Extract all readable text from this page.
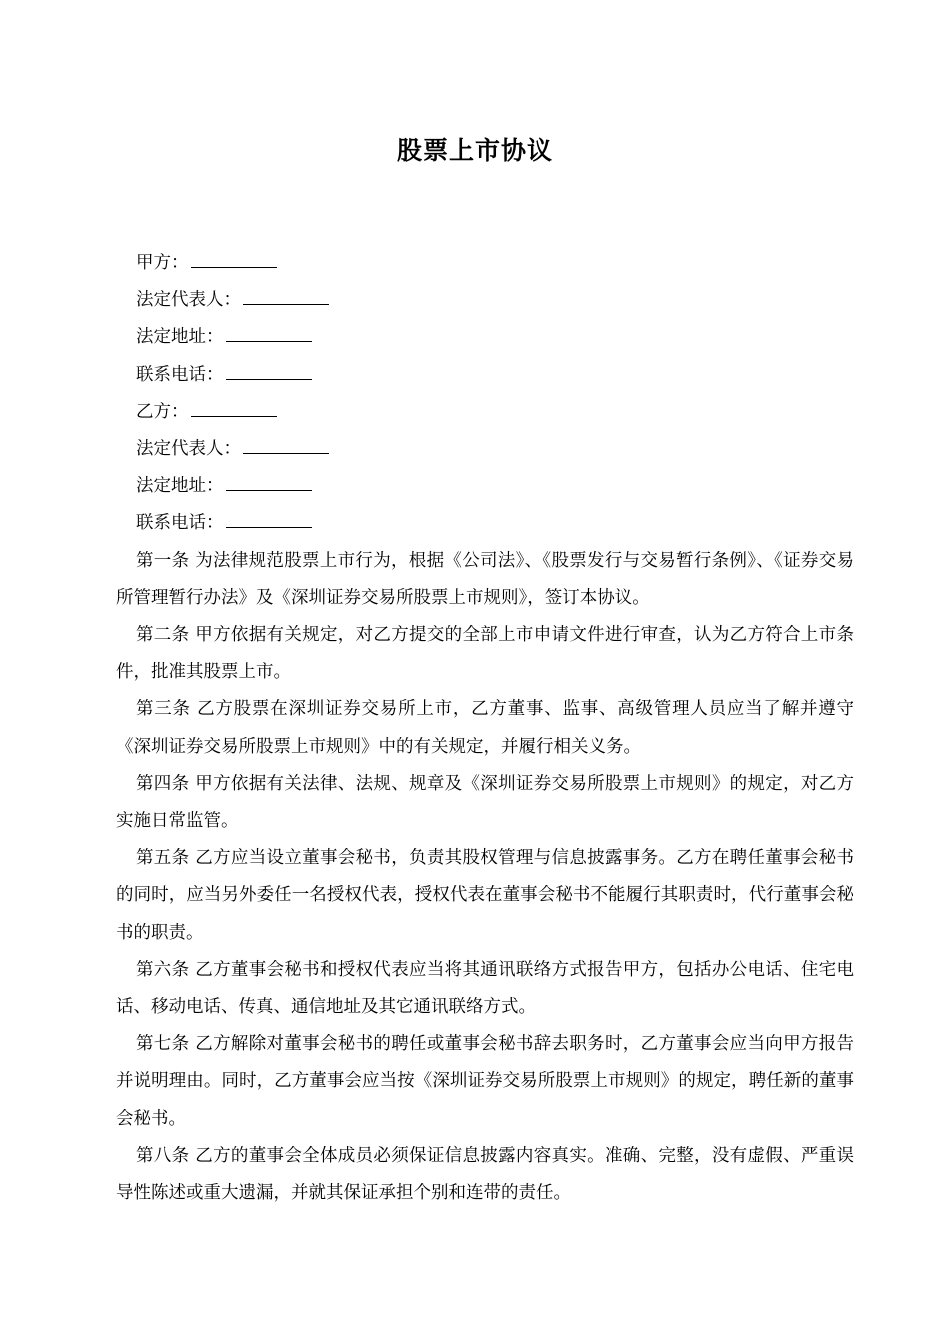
股票上市协议
甲方：
法定代表人：
法定地址：
联系电话：
乙方：
法定代表人：
法定地址：
联系电话：

第一条 为法律规范股票上市行为，根据《公司法》、《股票发行与交易暂行条例》、《证券交易所管理暂行办法》及《深圳证券交易所股票上市规则》，签订本协议。

第二条 甲方依据有关规定，对乙方提交的全部上市申请文件进行审查，认为乙方符合上市条件，批准其股票上市。

第三条 乙方股票在深圳证券交易所上市，乙方董事、监事、高级管理人员应当了解并遵守《深圳证券交易所股票上市规则》中的有关规定，并履行相关义务。

第四条 甲方依据有关法律、法规、规章及《深圳证券交易所股票上市规则》的规定，对乙方实施日常监管。

第五条 乙方应当设立董事会秘书，负责其股权管理与信息披露事务。乙方在聘任董事会秘书的同时，应当另外委任一名授权代表，授权代表在董事会秘书不能履行其职责时，代行董事会秘书的职责。

第六条 乙方董事会秘书和授权代表应当将其通讯联络方式报告甲方，包括办公电话、住宅电话、移动电话、传真、通信地址及其它通讯联络方式。

第七条 乙方解除对董事会秘书的聘任或董事会秘书辞去职务时，乙方董事会应当向甲方报告并说明理由。同时，乙方董事会应当按《深圳证券交易所股票上市规则》的规定，聘任新的董事会秘书。

第八条 乙方的董事会全体成员必须保证信息披露内容真实。准确、完整，没有虚假、严重误导性陈述或重大遗漏，并就其保证承担个别和连带的责任。
